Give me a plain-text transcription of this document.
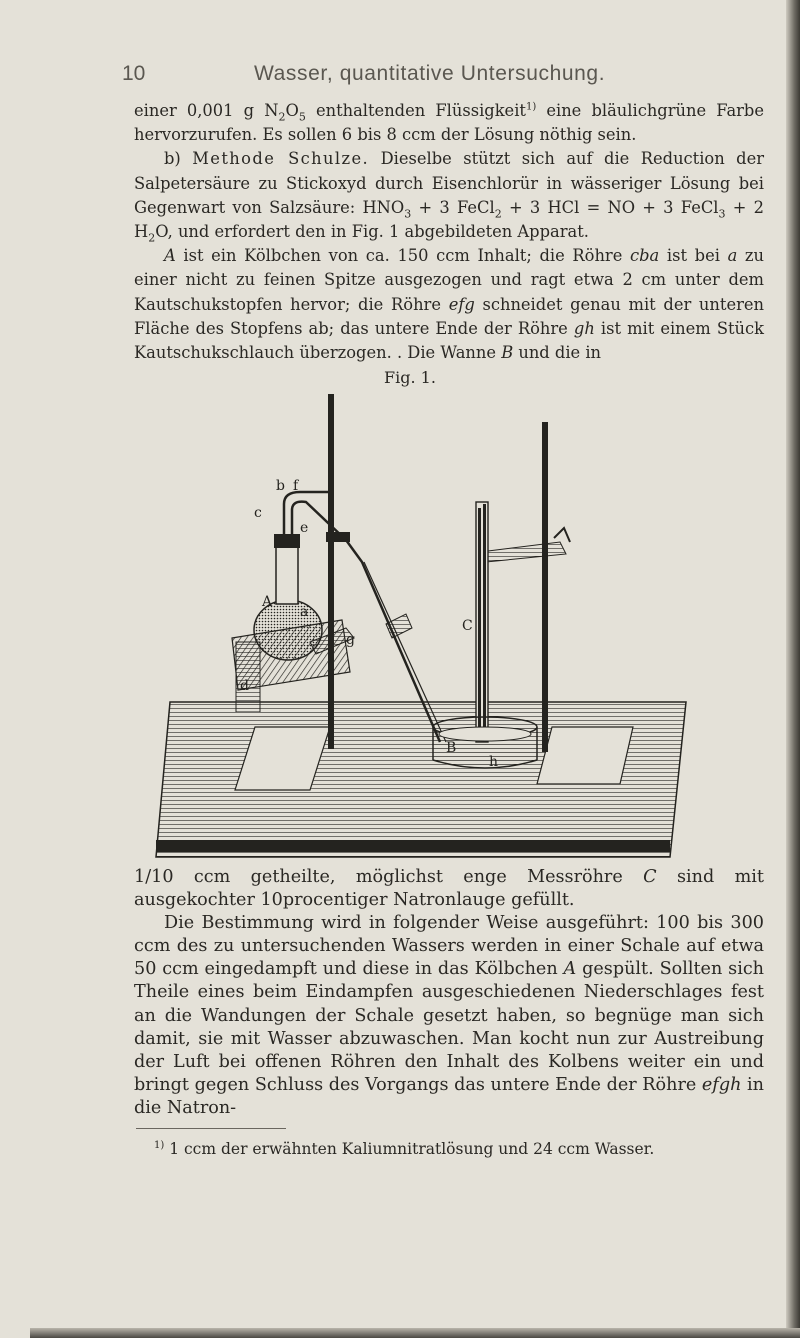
10	Wasser, quantitative Untersuchung.

einer 0,001 g $N_2O_5$ enthaltenden Flüssigkeit$^{1)}$ eine bläulichgrüne Farbe hervorzurufen. Es sollen 6 bis 8 ccm der Lösung nöthig sein.

b) Methode Schulze. Dieselbe stützt sich auf die Reduction der Salpetersäure zu Stickoxyd durch Eisenchlorür in wässeriger Lösung bei Gegenwart von Salzsäure: $HNO_3 + 3$ FeCl$_2$ + 3 HCl = NO + 3 FeCl$_3$ + 2 $H_2O$, und erfordert den in Fig. 1 abgebildeten Apparat.

A ist ein Kölbchen von ca. 150 ccm Inhalt; die Röhre cba ist bei a zu einer nicht zu feinen Spitze ausgezogen und ragt etwa 2 cm unter dem Kautschukstopfen hervor; die Röhre efg schneidet genau mit der unteren Fläche des Stopfens ab; das untere Ende der Röhre gh ist mit einem Stück Kautschukschlauch überzogen. . Die Wanne B und die in

Fig. 1.
b f
c
e
A
a
d
g
C
B
h

1/10 ccm getheilte, möglichst enge Messröhre C sind mit ausgekochter 10procentiger Natronlauge gefüllt.

Die Bestimmung wird in folgender Weise ausgeführt: 100 bis 300 ccm des zu untersuchenden Wassers werden in einer Schale auf etwa 50 ccm eingedampft und diese in das Kölbchen A gespült. Sollten sich Theile eines beim Eindampfen ausgeschiedenen Niederschlages fest an die Wandungen der Schale gesetzt haben, so begnüge man sich damit, sie mit Wasser abzuwaschen. Man kocht nun zur Austreibung der Luft bei offenen Röhren den Inhalt des Kolbens weiter ein und bringt gegen Schluss des Vorgangs das untere Ende der Röhre efgh in die Natron-

$^{1)}$ 1 ccm der erwähnten Kaliumnitratlösung und 24 ccm Wasser.
